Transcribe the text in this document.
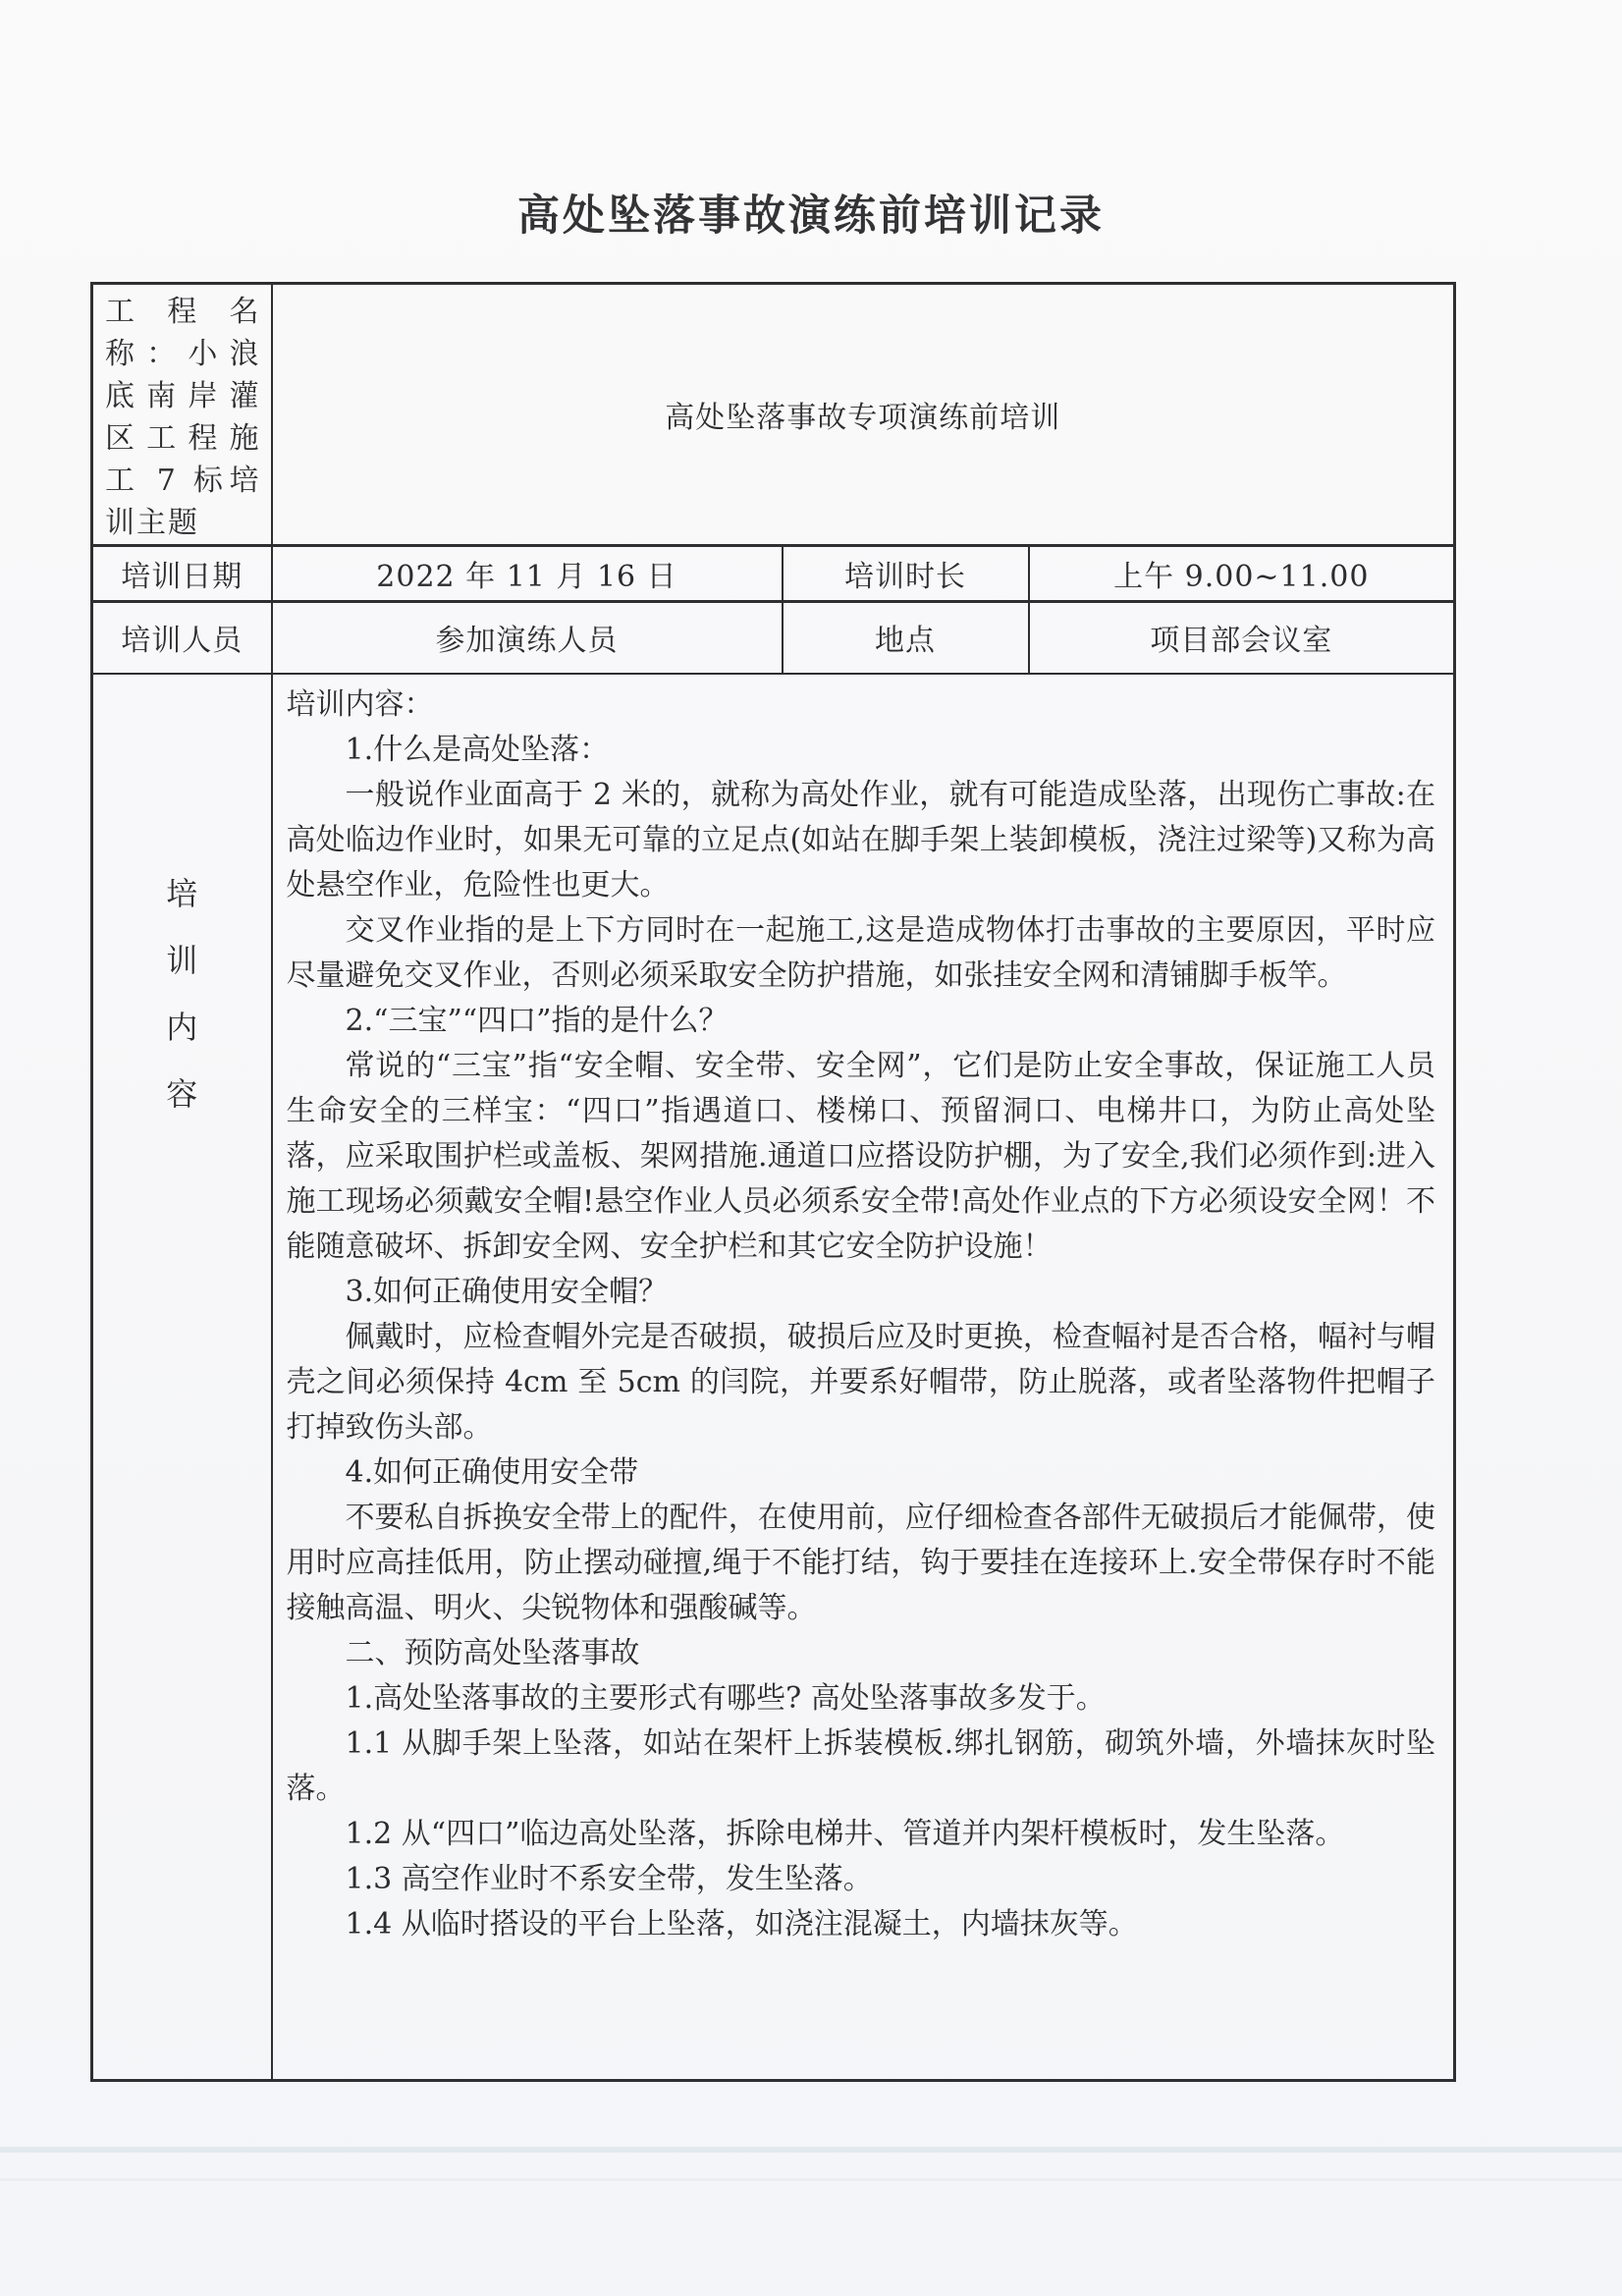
高处坠落事故演练前培训记录
工程名称：小浪底南岸灌区工程施工 7 标培训主题	高处坠落事故专项演练前培训		
培训日期	2022 年 11 月 16 日	培训时长	上午 9.00~11.00
培训人员	参加演练人员	地点	项目部会议室

培
训
内
容

培训内容：

1.什么是高处坠落：

一般说作业面高于 2 米的，就称为高处作业，就有可能造成坠落，出现伤亡事故:在高处临边作业时，如果无可靠的立足点(如站在脚手架上装卸模板，浇注过梁等)又称为高处悬空作业，危险性也更大。

交叉作业指的是上下方同时在一起施工,这是造成物体打击事故的主要原因，平时应尽量避免交叉作业，否则必须采取安全防护措施，如张挂安全网和清铺脚手板竿。

2.“三宝”“四口”指的是什么？

常说的“三宝”指“安全帽、安全带、安全网”，它们是防止安全事故，保证施工人员生命安全的三样宝：“四口”指遇道口、楼梯口、预留洞口、电梯井口，为防止高处坠落，应采取围护栏或盖板、架网措施.通道口应搭设防护棚，为了安全,我们必须作到:进入施工现场必须戴安全帽!悬空作业人员必须系安全带!高处作业点的下方必须设安全网！不能随意破坏、拆卸安全网、安全护栏和其它安全防护设施！

3.如何正确使用安全帽？

佩戴时，应检查帽外完是否破损，破损后应及时更换，检查幅衬是否合格，幅衬与帽壳之间必须保持 4cm 至 5cm 的闫院，并要系好帽带，防止脱落，或者坠落物件把帽子打掉致伤头部。

4.如何正确使用安全带

不要私自拆换安全带上的配件，在使用前，应仔细检查各部件无破损后才能佩带，使用时应高挂低用，防止摆动碰擅,绳于不能打结，钩于要挂在连接环上.安全带保存时不能接触高温、明火、尖锐物体和强酸碱等。

二、预防高处坠落事故

1.高处坠落事故的主要形式有哪些? 高处坠落事故多发于。

1.1 从脚手架上坠落，如站在架杆上拆装模板.绑扎钢筋，砌筑外墙，外墙抹灰时坠落。

1.2 从“四口”临边高处坠落，拆除电梯井、管道并内架杆模板时，发生坠落。

1.3 高空作业时不系安全带，发生坠落。

1.4 从临时搭设的平台上坠落，如浇注混凝土，内墙抹灰等。
